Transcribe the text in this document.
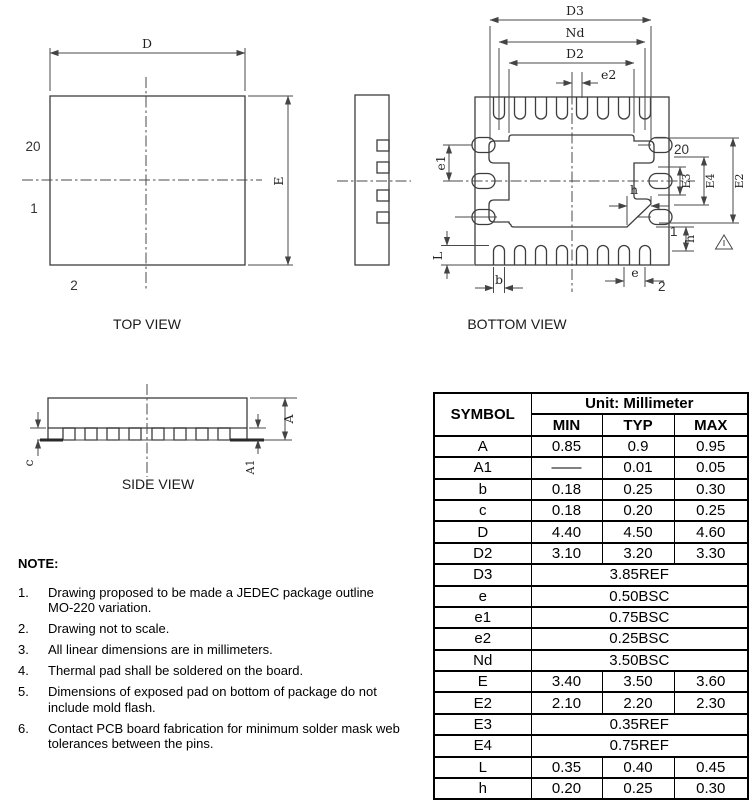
D
E
20
1
2
TOP VIEW
D3
Nd
D2
e2
e1
L
b	e
2
h
h
1
E3 E4 E2
20
BOTTOM VIEW
A
A1
c
SIDE VIEW
NOTE:
1.	Drawing proposed to be made a JEDEC package outline MO-220 variation.
2.	Drawing not to scale.
3.	All linear dimensions are in millimeters.
4.	Thermal pad shall be soldered on the board.
5.	Dimensions of exposed pad on bottom of package do not include mold flash.
6.	Contact PCB board fabrication for minimum solder mask web tolerances between the pins.
SYMBOL	Unit: Millimeter		
	MIN	TYP	MAX
A	0.85	0.9	0.95
A1	——	0.01	0.05
b	0.18	0.25	0.30
c	0.18	0.20	0.25
D	4.40	4.50	4.60
D2	3.10	3.20	3.30
D3	3.85REF		
e	0.50BSC		
e1	0.75BSC		
e2	0.25BSC		
Nd	3.50BSC		
E	3.40	3.50	3.60
E2	2.10	2.20	2.30
E3	0.35REF		
E4	0.75REF		
L	0.35	0.40	0.45
h	0.20	0.25	0.30
